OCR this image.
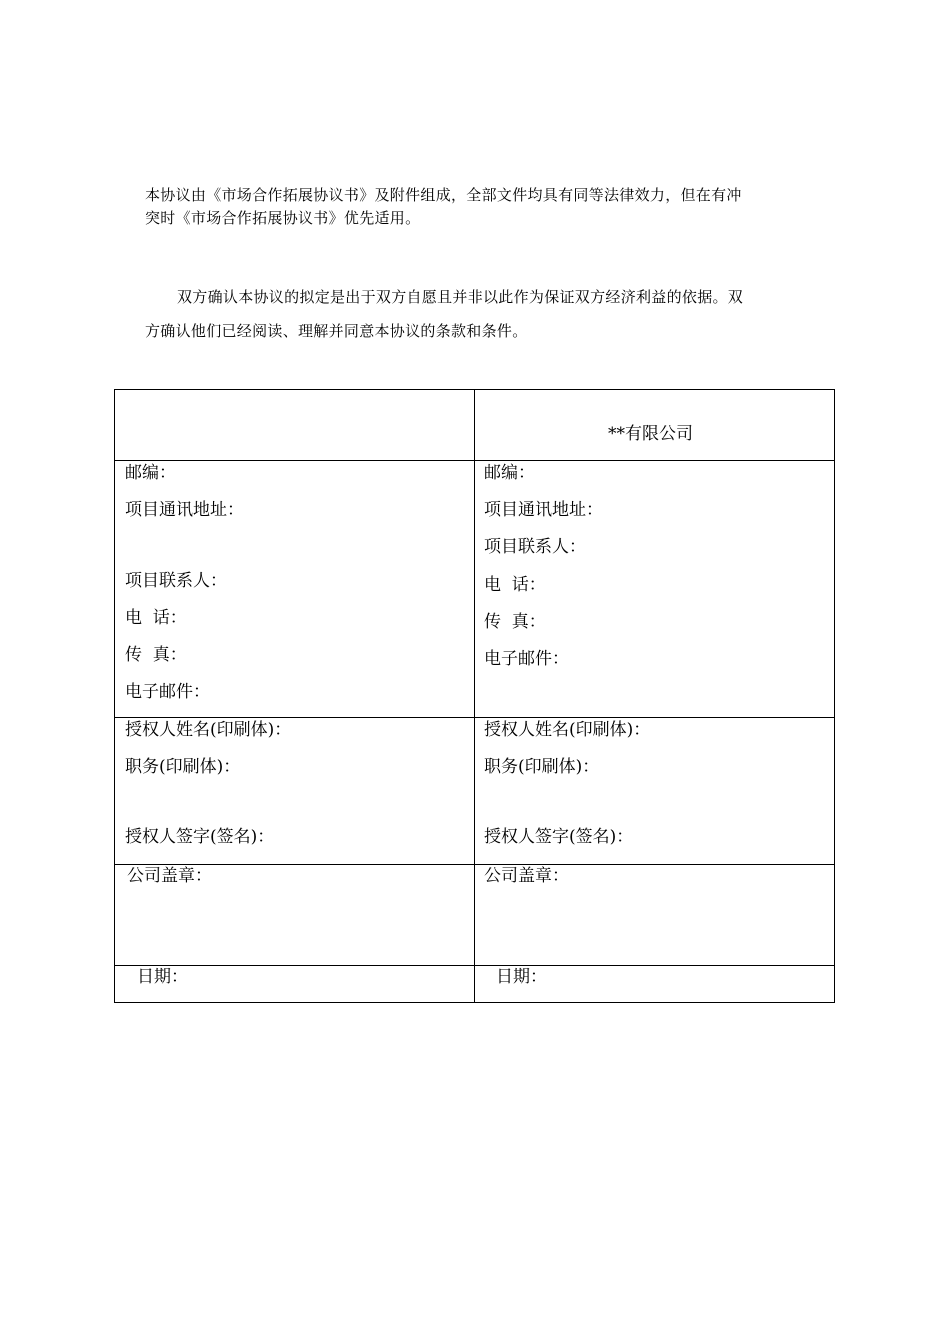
本协议由《市场合作拓展协议书》及附件组成，全部文件均具有同等法律效力，但在有冲
突时《市场合作拓展协议书》优先适用。
双方确认本协议的拟定是出于双方自愿且并非以此作为保证双方经济利益的依据。双
方确认他们已经阅读、理解并同意本协议的条款和条件。
**有限公司
邮编：
项目通讯地址：
项目联系人：
电  话：
传  真：
电子邮件：
邮编：
项目通讯地址：
项目联系人：
电  话：
传  真：
电子邮件：
授权人姓名(印刷体)：
职务(印刷体)：
授权人签字(签名)：
授权人姓名(印刷体)：
职务(印刷体)：
授权人签字(签名)：
公司盖章：	公司盖章：
日期：	日期：
